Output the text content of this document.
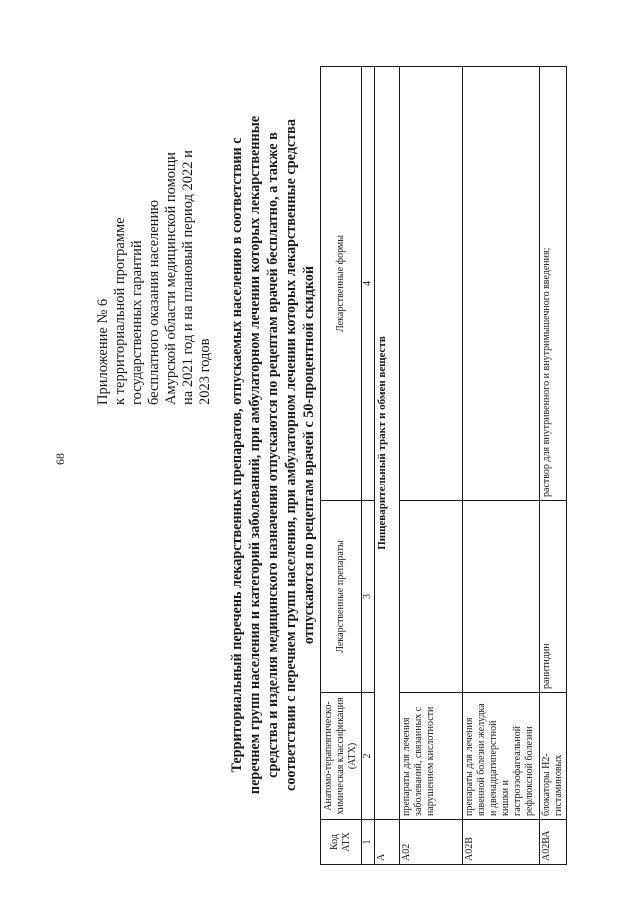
68
Приложение № 6 к территориальной программе государственных гарантий бесплатного оказания населению Амурской области медицинской помощи на 2021 год и на плановый период 2022 и 2023 годов Территориальный перечень лекарственных препаратов, отпускаемых населению в соответствии с перечнем групп населения и категорий заболеваний, при амбулаторном лечении которых лекарственные средства и изделия медицинского назначения отпускаются по рецептам врачей бесплатно, а также в соответствии с перечнем групп населения, при амбулаторном лечении которых лекарственные средства отпускаются по рецептам врачей с 50-процентной скидкой
Код АТХ	Анатомо-терапевтическо-химическая классификация (АТХ)	Лекарственные препараты	Лекарственные формы
1	2	3	4
А	Пищеварительный тракт и обмен веществ		
А02	препараты для лечения заболеваний, связанных с нарушением кислотности		
А02В	препараты для лечения язвенной болезни желудка и двенадцатиперстной кишки и гастроэзофагеальной рефлюксной болезни		
А02ВА	блокаторы Н2-гистаминовых	ранитидин	раствор для внутривенного и внутримышечного введения;
